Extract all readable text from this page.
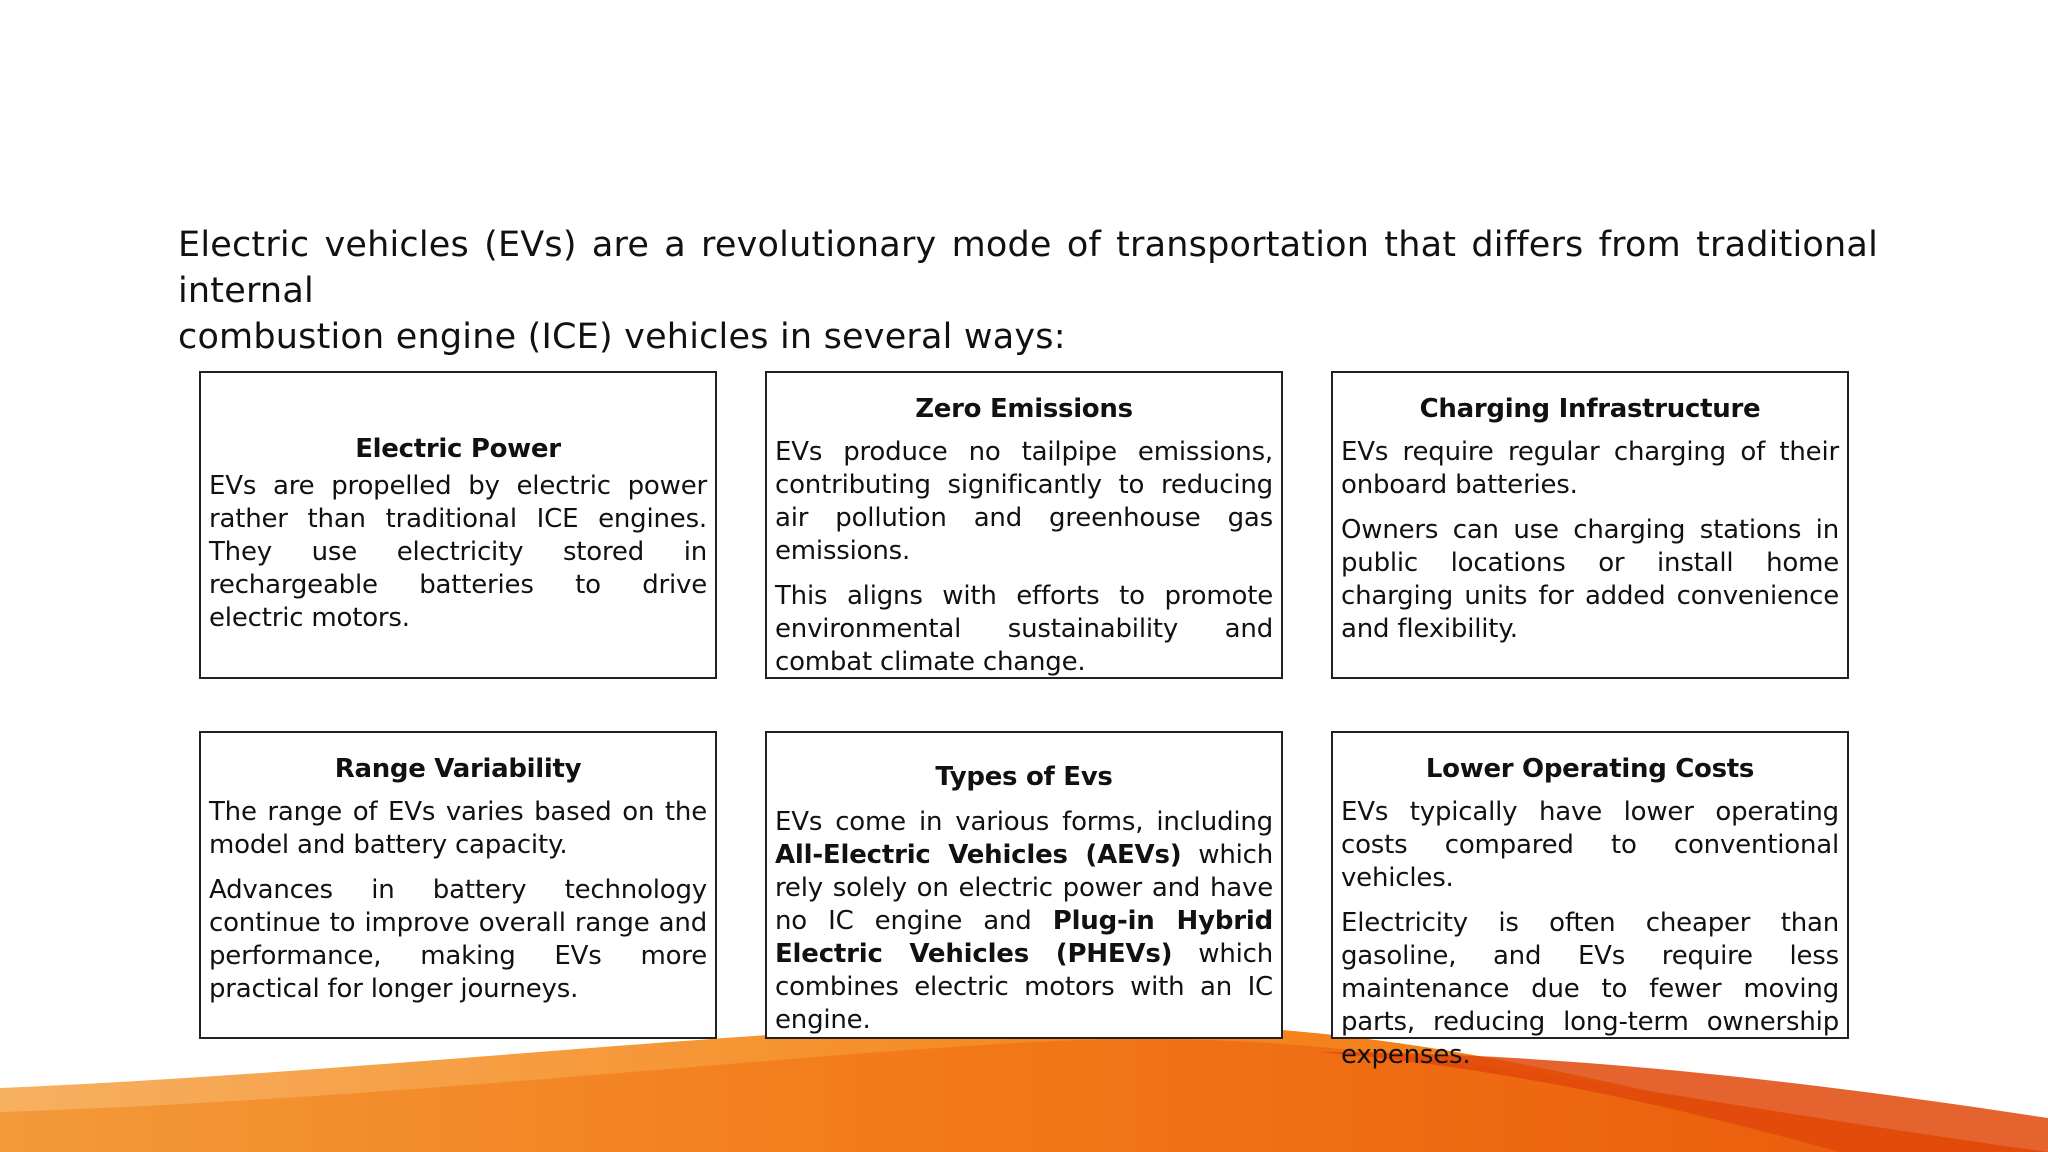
Electric vehicles (EVs) are a revolutionary mode of transportation that differs from traditional internal
combustion engine (ICE) vehicles in several ways:
Electric Power

EVs are propelled by electric power rather than traditional ICE engines. They use electricity stored in rechargeable batteries to drive electric motors.

Zero Emissions

EVs produce no tailpipe emissions, contributing significantly to reducing air pollution and greenhouse gas emissions.

This aligns with efforts to promote environmental sustainability and combat climate change.

Charging Infrastructure

EVs require regular charging of their onboard batteries.

Owners can use charging stations in public locations or install home charging units for added convenience and flexibility.

Range Variability

The range of EVs varies based on the model and battery capacity.

Advances in battery technology continue to improve overall range and performance, making EVs more practical for longer journeys.

Types of Evs

EVs come in various forms, including All-Electric Vehicles (AEVs) which rely solely on electric power and have no IC engine and Plug-in Hybrid Electric Vehicles (PHEVs) which combines electric motors with an IC engine.

Lower Operating Costs

EVs typically have lower operating costs compared to conventional vehicles.

Electricity is often cheaper than gasoline, and EVs require less maintenance due to fewer moving parts, reducing long-term ownership expenses.
